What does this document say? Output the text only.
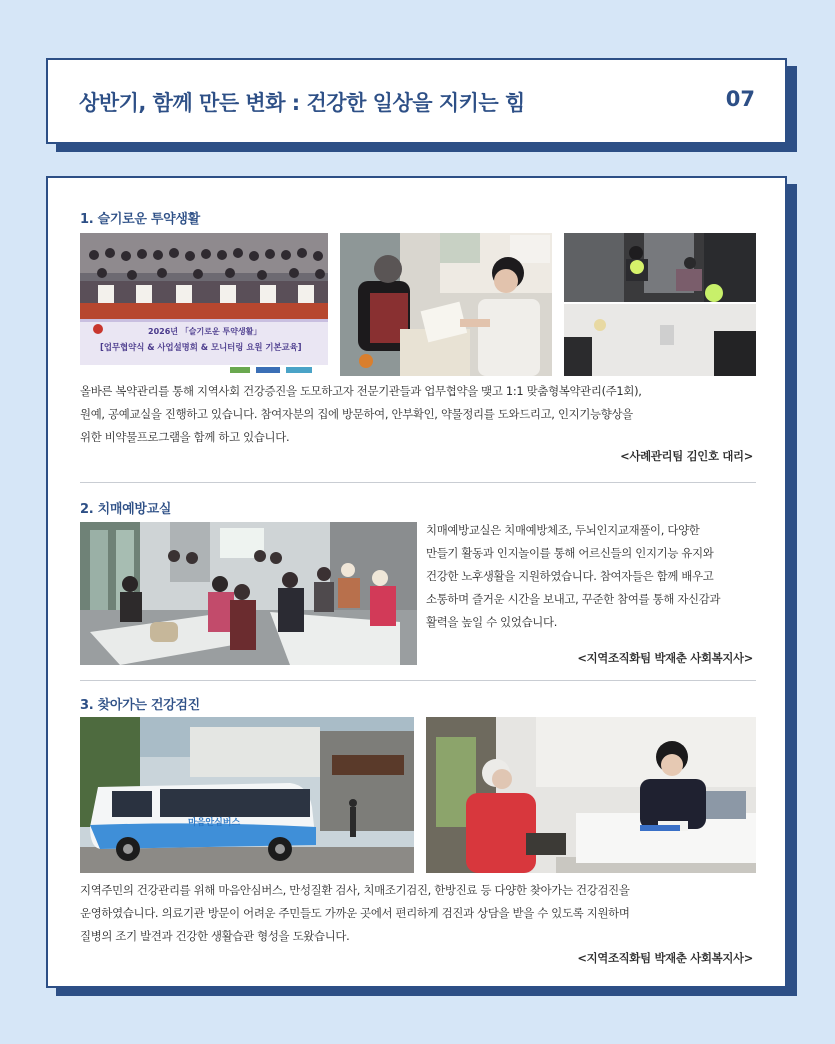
상반기, 함께 만든 변화 : 건강한 일상을 지키는 힘	07
1. 슬기로운 투약생활
2026년 「슬기로운 투약생활」
[업무협약식 & 사업설명회 & 모니터링 요원 기본교육]
올바른 복약관리를 통해 지역사회 건강증진을 도모하고자 전문기관들과 업무협약을 맺고 1:1 맞춤형복약관리(주1회),
원예, 공예교실을 진행하고 있습니다. 참여자분의 집에 방문하여, 안부확인, 약물정리를 도와드리고, 인지기능향상을
위한 비약물프로그램을 함께 하고 있습니다.
<사례관리팀 김인호 대리>
2. 치매예방교실
치매예방교실은 치매예방체조, 두뇌인지교재풀이, 다양한
만들기 활동과 인지놀이를 통해 어르신들의 인지기능 유지와
건강한 노후생활을 지원하였습니다. 참여자들은 함께 배우고
소통하며 즐거운 시간을 보내고, 꾸준한 참여를 통해 자신감과
활력을 높일 수 있었습니다.
<지역조직화팀 박재춘 사회복지사>
3. 찾아가는 건강검진
마음안심버스
지역주민의 건강관리를 위해 마음안심버스, 만성질환 검사, 치매조기검진, 한방진료 등 다양한 찾아가는 건강검진을
운영하였습니다. 의료기관 방문이 어려운 주민들도 가까운 곳에서 편리하게 검진과 상담을 받을 수 있도록 지원하며
질병의 조기 발견과 건강한 생활습관 형성을 도왔습니다.
<지역조직화팀 박재춘 사회복지사>
